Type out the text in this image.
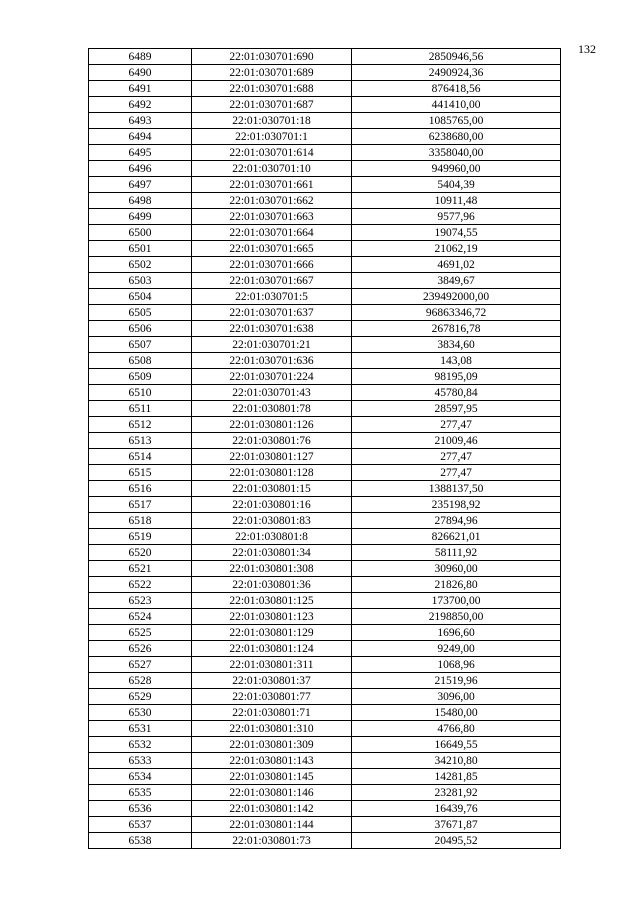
132
6489	22:01:030701:690	2850946,56
6490	22:01:030701:689	2490924,36
6491	22:01:030701:688	876418,56
6492	22:01:030701:687	441410,00
6493	22:01:030701:18	1085765,00
6494	22:01:030701:1	6238680,00
6495	22:01:030701:614	3358040,00
6496	22:01:030701:10	949960,00
6497	22:01:030701:661	5404,39
6498	22:01:030701:662	10911,48
6499	22:01:030701:663	9577,96
6500	22:01:030701:664	19074,55
6501	22:01:030701:665	21062,19
6502	22:01:030701:666	4691,02
6503	22:01:030701:667	3849,67
6504	22:01:030701:5	239492000,00
6505	22:01:030701:637	96863346,72
6506	22:01:030701:638	267816,78
6507	22:01:030701:21	3834,60
6508	22:01:030701:636	143,08
6509	22:01:030701:224	98195,09
6510	22:01:030701:43	45780,84
6511	22:01:030801:78	28597,95
6512	22:01:030801:126	277,47
6513	22:01:030801:76	21009,46
6514	22:01:030801:127	277,47
6515	22:01:030801:128	277,47
6516	22:01:030801:15	1388137,50
6517	22:01:030801:16	235198,92
6518	22:01:030801:83	27894,96
6519	22:01:030801:8	826621,01
6520	22:01:030801:34	58111,92
6521	22:01:030801:308	30960,00
6522	22:01:030801:36	21826,80
6523	22:01:030801:125	173700,00
6524	22:01:030801:123	2198850,00
6525	22:01:030801:129	1696,60
6526	22:01:030801:124	9249,00
6527	22:01:030801:311	1068,96
6528	22:01:030801:37	21519,96
6529	22:01:030801:77	3096,00
6530	22:01:030801:71	15480,00
6531	22:01:030801:310	4766,80
6532	22:01:030801:309	16649,55
6533	22:01:030801:143	34210,80
6534	22:01:030801:145	14281,85
6535	22:01:030801:146	23281,92
6536	22:01:030801:142	16439,76
6537	22:01:030801:144	37671,87
6538	22:01:030801:73	20495,52
